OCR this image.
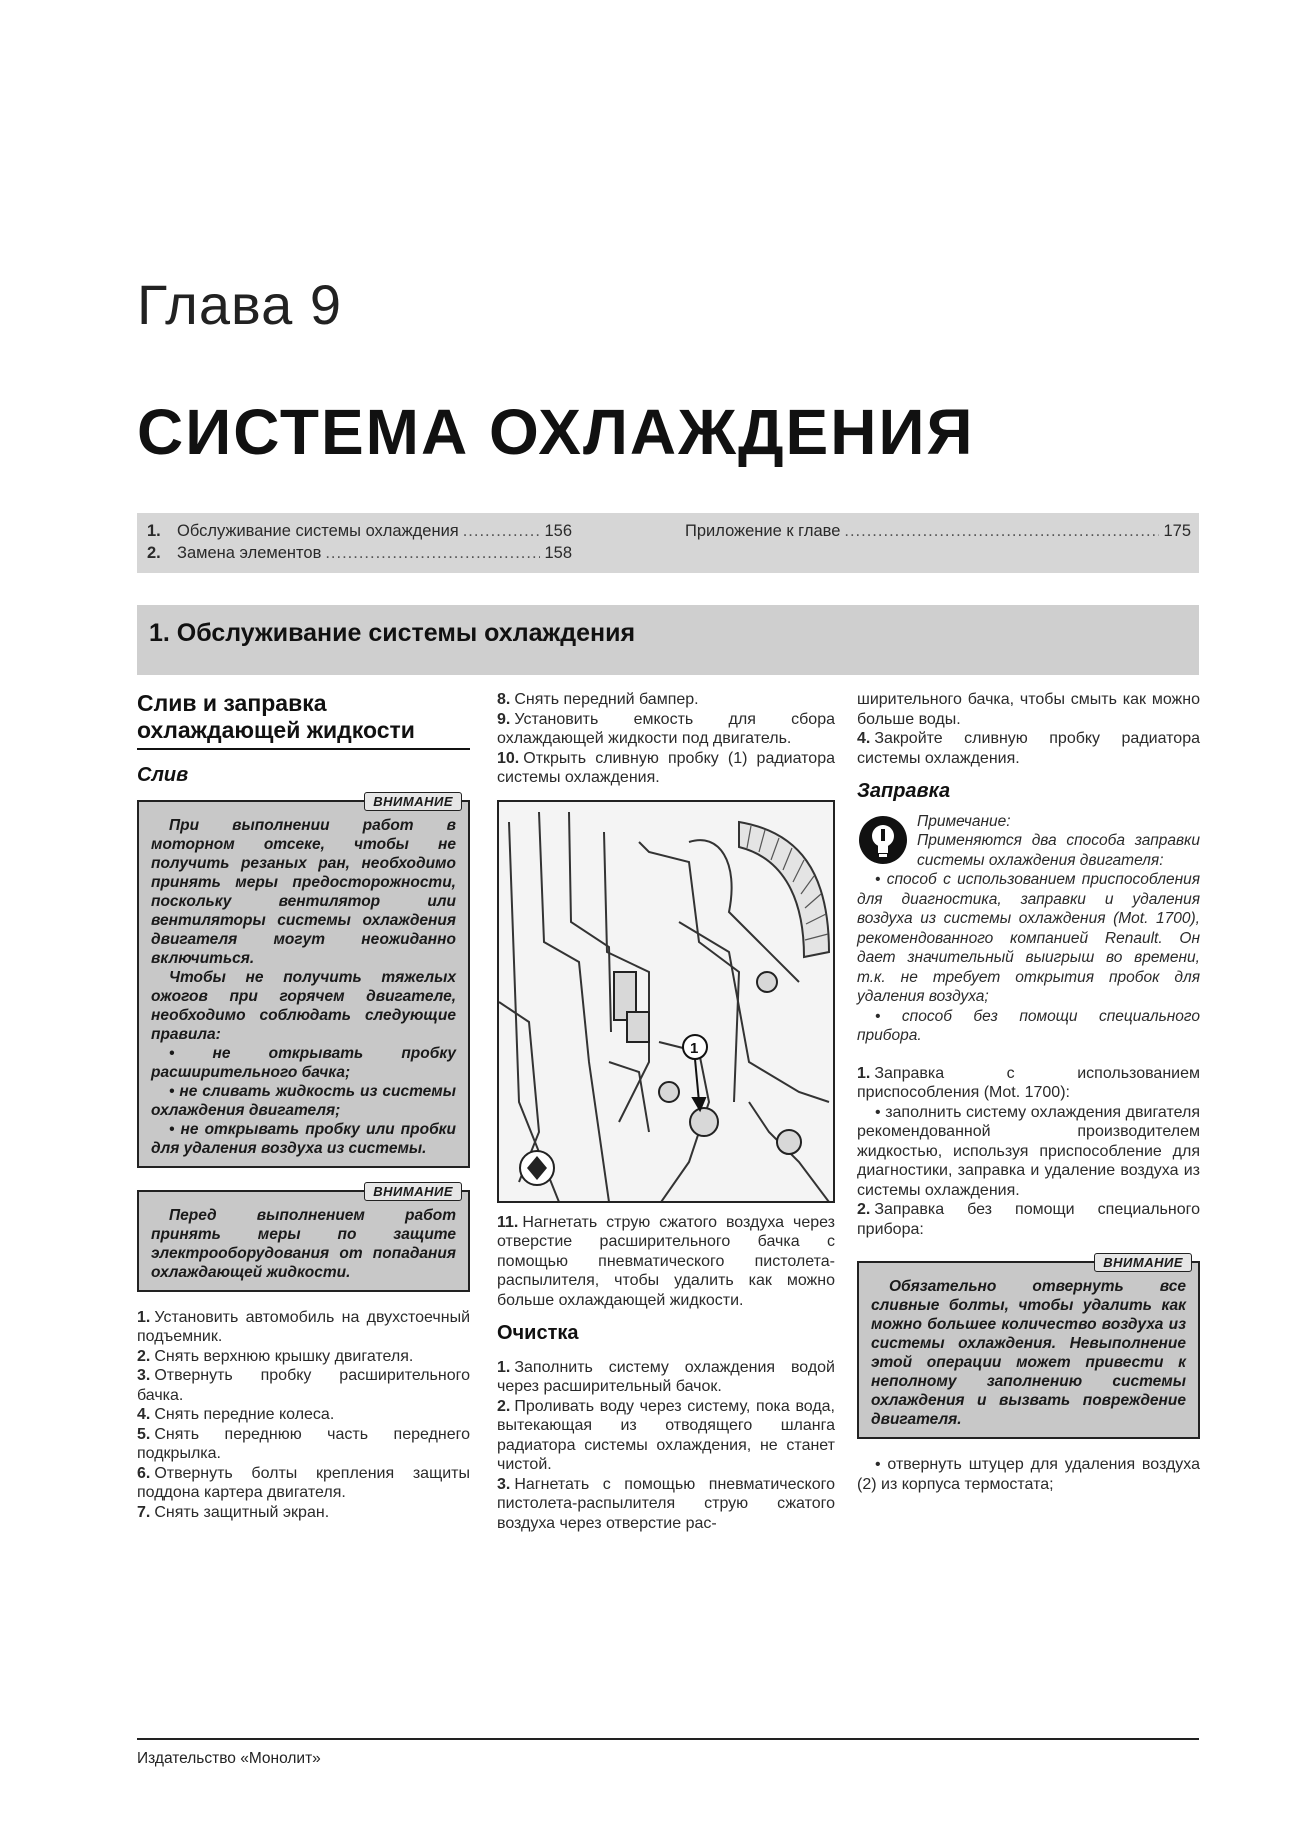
Глава 9
СИСТЕМА ОХЛАЖДЕНИЯ
1. Обслуживание системы охлаждения .....	156
2. Замена элементов .....	158
Приложение к главе .....	175
1. Обслуживание системы охлаждения
Слив и заправка
охлаждающей жидкости
Слив
ВНИМАНИЕ

При выполнении работ в моторном отсеке, чтобы не получить резаных ран, необходимо принять меры предосторожности, поскольку вентилятор или вентиляторы системы охлаждения двигателя могут неожиданно включиться.

Чтобы не получить тяжелых ожогов при горячем двигателе, необходимо соблюдать следующие правила:

• не открывать пробку расширительного бачка;

• не сливать жидкость из системы охлаждения двигателя;

• не открывать пробку или пробки для удаления воздуха из системы.

ВНИМАНИЕ

Перед выполнением работ принять меры по защите электрооборудования от попадания охлаждающей жидкости.

1. Установить автомобиль на двухстоечный подъемник.
2. Снять верхнюю крышку двигателя.
3. Отвернуть пробку расширительного бачка.
4. Снять передние колеса.
5. Снять переднюю часть переднего подкрылка.
6. Отвернуть болты крепления защиты поддона картера двигателя.
7. Снять защитный экран.
8. Снять передний бампер.
9. Установить емкость для сбора охлаждающей жидкости под двигатель.
10. Открыть сливную пробку (1) радиатора системы охлаждения.
1
11. Нагнетать струю сжатого воздуха через отверстие расширительного бачка с помощью пневматического пистолета-распылителя, чтобы удалить как можно больше охлаждающей жидкости.
Очистка
1. Заполнить систему охлаждения водой через расширительный бачок.
2. Проливать воду через систему, пока вода, вытекающая из отводящего шланга радиатора системы охлаждения, не станет чистой.
3. Нагнетать с помощью пневматического пистолета-распылителя струю сжатого воздуха через отверстие рас-

ширительного бачка, чтобы смыть как можно больше воды.

4. Закройте сливную пробку радиатора системы охлаждения.
Заправка

Примечание:

Применяются два способа заправки системы охлаждения двигателя:

• способ с использованием приспособления для диагностика, заправки и удаления воздуха из системы охлаждения (Mot. 1700), рекомендованного компанией Renault. Он дает значительный выигрыш во времени, т.к. не требует открытия пробок для удаления воздуха;

• способ без помощи специального прибора.

1. Заправка с использованием приспособления (Mot. 1700):

• заполнить систему охлаждения двигателя рекомендованной производителем жидкостью, используя приспособление для диагностики, заправка и удаление воздуха из системы охлаждения.

2. Заправка без помощи специального прибора:
ВНИМАНИЕ

Обязательно отвернуть все сливные болты, чтобы удалить как можно большее количество воздуха из системы охлаждения. Невыполнение этой операции может привести к неполному заполнению системы охлаждения и вызвать повреждение двигателя.

• отвернуть штуцер для удаления воздуха (2) из корпуса термостата;

Издательство «Монолит»
